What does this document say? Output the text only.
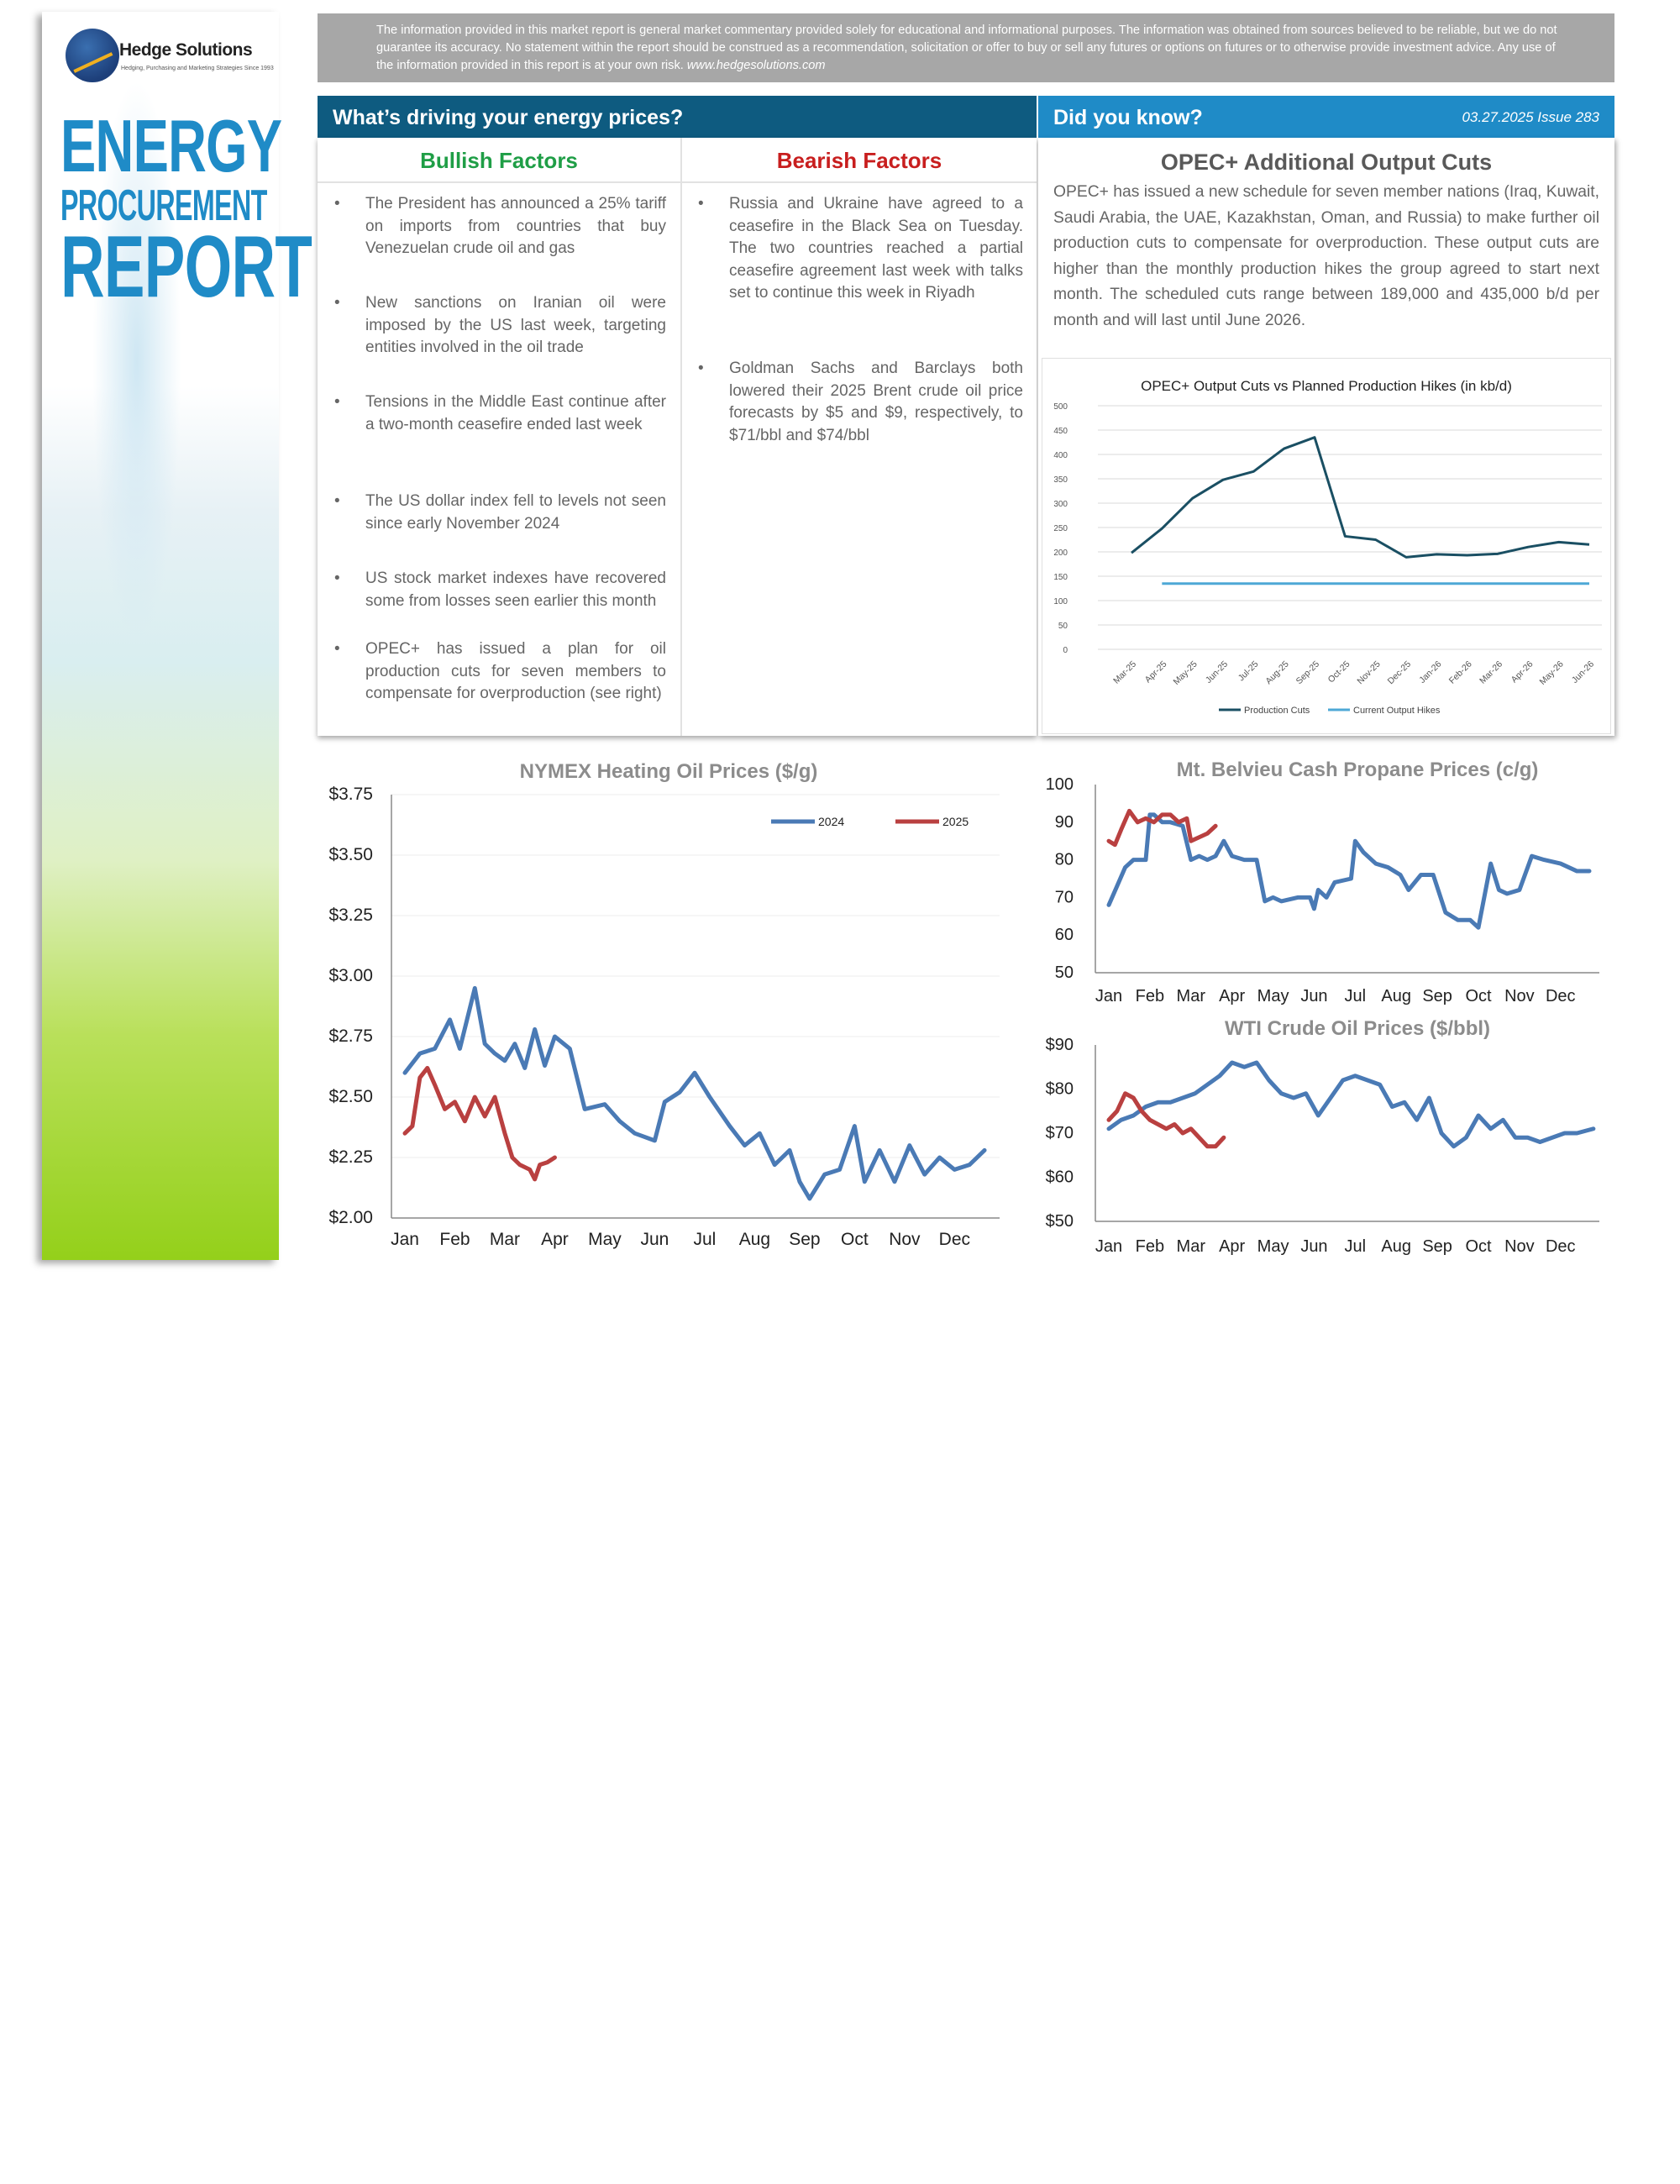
Hedge Solutions
Hedging, Purchasing and Marketing Strategies Since 1993
ENERGY
PROCUREMENT
REPORT

The information provided in this market report is general market commentary provided solely for educational and informational purposes. The information was obtained from sources believed to be reliable, but we do not guarantee its accuracy. No statement within the report should be construed as a recommendation, solicitation or offer to buy or sell any futures or options on futures or to otherwise provide investment advice. Any use of the information provided in this report is at your own risk. www.hedgesolutions.com

What’s driving your energy prices?	Did you know?	03.27.2025 Issue 283
Bullish Factors	Bearish Factors
• The President has announced a 25% tariff on imports from countries that buy Venezuelan crude oil and gas
• New sanctions on Iranian oil were imposed by the US last week, targeting entities involved in the oil trade
• Tensions in the Middle East continue after a two-month ceasefire ended last week
• The US dollar index fell to levels not seen since early November 2024
• US stock market indexes have recovered some from losses seen earlier this month
• OPEC+ has issued a plan for oil production cuts for seven members to compensate for overproduction (see right)
• Russia and Ukraine have agreed to a ceasefire in the Black Sea on Tuesday. The two countries reached a partial ceasefire agreement last week with talks set to continue this week in Riyadh
• Goldman Sachs and Barclays both lowered their 2025 Brent crude oil price forecasts by $5 and $9, respectively, to $71/bbl and $74/bbl
OPEC+ Additional Output Cuts

OPEC+ has issued a new schedule for seven member nations (Iraq, Kuwait, Saudi Arabia, the UAE, Kazakhstan, Oman, and Russia) to make further oil production cuts to compensate for overproduction. These output cuts are higher than the monthly production hikes the group agreed to start next month. The scheduled cuts range between 189,000 and 435,000 b/d per month and will last until June 2026.

OPEC+ Output Cuts vs Planned Production Hikes (in kb/d)
0
50
100
150
200
250
300
350
400
450
500
Mar-25 Apr-25 May-25 Jun-25 Jul-25 Aug-25 Sep-25 Oct-25 Nov-25 Dec-25 Jan-26 Feb-26 Mar-26 Apr-26 May-26 Jun-26
Production Cuts	Current Output Hikes
NYMEX Heating Oil Prices ($/g)
$2.00
$2.25
$2.50
$2.75
$3.00
$3.25
$3.50
$3.75
Jan Feb Mar Apr May Jun Jul Aug Sep Oct Nov Dec
2024	2025
Mt. Belvieu Cash Propane Prices (c/g)
50
60
70
80
90
100
Jan Feb Mar Apr May Jun Jul Aug Sep Oct Nov Dec
WTI Crude Oil Prices ($/bbl)
$50
$60
$70
$80
$90
Jan Feb Mar Apr May Jun Jul Aug Sep Oct Nov Dec
